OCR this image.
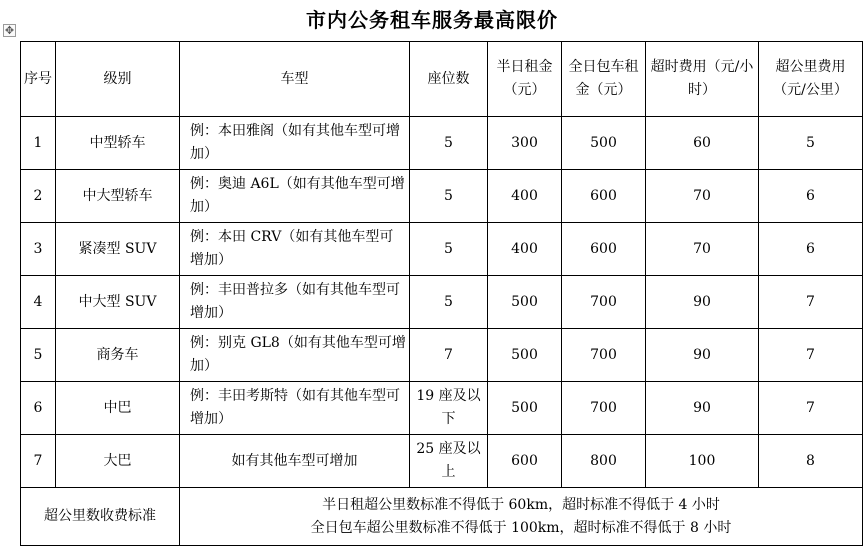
市内公务租车服务最高限价
✥
序号	级别	车型	座位数	半日租金（元）	全日包车租金（元）	超时费用（元/小时）	超公里费用（元/公里）
1	中型轿车	例：本田雅阁（如有其他车型可增加）	5	300	500	60	5
2	中大型轿车	例：奥迪 A6L（如有其他车型可增加）	5	400	600	70	6
3	紧凑型 SUV	例：本田 CRV（如有其他车型可增加）	5	400	600	70	6
4	中大型 SUV	例：丰田普拉多（如有其他车型可增加）	5	500	700	90	7
5	商务车	例：别克 GL8（如有其他车型可增加）	7	500	700	90	7
6	中巴	例：丰田考斯特（如有其他车型可增加）	19 座及以下	500	700	90	7
7	大巴	如有其他车型可增加	25 座及以上	600	800	100	8
超公里数收费标准		半日租超公里数标准不得低于 60km，超时标准不得低于 4 小时
全日包车超公里数标准不得低于 100km，超时标准不得低于 8 小时					
